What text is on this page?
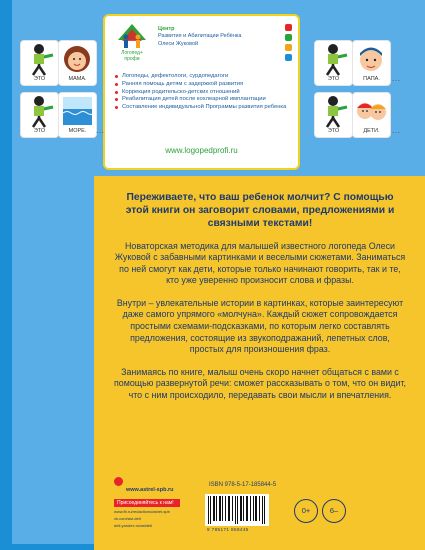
Логопед+
профи
Центр
Развития и Абилитации Ребёнка
Олеси Жуковой
Логопеды, дефектологи, сурдопедагоги
Ранняя помощь детям с задержкой развития
Коррекция родительско-детских отношений
Реабилитация детей после кохлеарной имплантации
Составление индивидуальной Программы развития ребенка
www.logopedprofi.ru
ЭТО	МАМА.
ЭТО	МОРЕ.	...
ЭТО	ПАПА.	...
ЭТО	ДЕТИ.	...

Переживаете, что ваш ребенок молчит? С помощью этой книги он заговорит словами, предложениями и связными текстами!

Новаторская методика для малышей известного логопеда Олеси Жуковой с забавными картинками и веселыми сюжетами. Заниматься по ней смогут как дети, которые только начинают говорить, так и те, кто уже уверенно произносит слова и фразы.

Внутри – увлекательные истории в картинках, которые заинтересуют даже самого упрямого «молчуна». Каждый сюжет сопровождается простыми схемами-подсказками, по которым легко составлять предложения, состоящие из звукоподражаний, лепетных слов, простых для произношения фраз.

Занимаясь по книге, малыш очень скоро начнет общаться с вами с помощью развернутой речи: сможет рассказывать о том, что он видит, что с ним происходило, передавать свои мысли и впечатления.

www.astrel-spb.ru
Присоединяйтесь к нам!
www.fb.ru/redactions/astrel-spb
vk.com/ast.deti
deti.yandex.ru/astdeti
ISBN 978-5-17-185844-5
9 785171 858445
0+	6–
